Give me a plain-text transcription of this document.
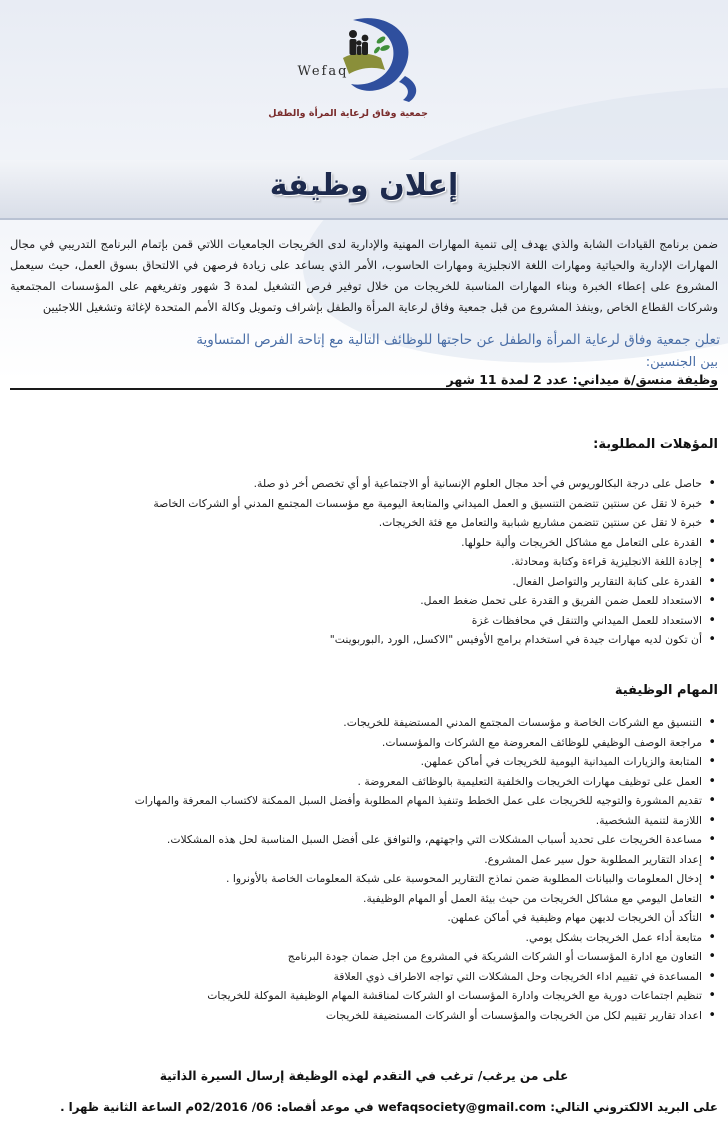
Wefaq
جمعية وفاق لرعاية المرأة والطفل
إعلان وظيفة
ضمن برنامج القيادات الشابة والذي يهدف إلى تنمية المهارات المهنية والإدارية لدى الخريجات الجامعيات اللاتي قمن بإتمام البرنامج التدريبي في مجال المهارات الإدارية والحياتية ومهارات اللغة الانجليزية ومهارات الحاسوب، الأمر الذي يساعد على زيادة فرصهن في الالتحاق بسوق العمل، حيث سيعمل المشروع على إعطاء الخبرة وبناء المهارات المناسبة للخريجات من خلال توفير فرص التشغيل لمدة 3 شهور وتفريغهم على المؤسسات المجتمعية وشركات القطاع الخاص ,وينفذ المشروع من قبل جمعية وفاق لرعاية المرأة والطفل بإشراف وتمويل وكالة الأمم المتحدة لإغاثة وتشغيل اللاجئيين
تعلن جمعية وفاق لرعاية المرأة والطفل عن حاجتها للوظائف التالية مع إتاحة الفرص المتساوية
بين الجنسين:
وظيفة منسق/ة ميداني: عدد 2 لمدة 11 شهر
المؤهلات المطلوبة:
• حاصل على درجة البكالوريوس في أحد مجال العلوم الإنسانية أو الاجتماعية أو أي تخصص أخر ذو صلة.
• خبرة لا تقل عن سنتين تتضمن التنسيق و العمل الميداني والمتابعة اليومية مع مؤسسات المجتمع المدني أو الشركات الخاصة
• خبرة لا تقل عن سنتين تتضمن مشاريع شبابية والتعامل مع فئة الخريجات.
• القدرة على التعامل مع مشاكل الخريجات وألية حلولها.
• إجادة اللغة الانجليزية قراءة وكتابة ومحادثة.
• القدرة على كتابة التقارير والتواصل الفعال.
• الاستعداد للعمل ضمن الفريق و القدرة على تحمل ضغط العمل.
• الاستعداد للعمل الميداني والتنقل في محافظات غزة
• أن تكون لديه مهارات جيدة في استخدام برامج الأوفيس "الاكسل, الورد ,البوربوينت"
المهام الوظيفية
• التنسيق مع الشركات الخاصة و مؤسسات المجتمع المدني المستضيفة للخريجات.
• مراجعة الوصف الوظيفي للوظائف المعروضة مع الشركات والمؤسسات.
• المتابعة والزيارات الميدانية اليومية للخريجات في أماكن عملهن.
• العمل على توظيف مهارات الخريجات والخلفية التعليمية بالوظائف المعروضة .
• تقديم المشورة والتوجيه للخريجات على عمل الخطط وتنفيذ المهام المطلوبة وأفضل السبل الممكنة لاكتساب المعرفة والمهارات
• اللازمة لتنمية الشخصية.
• مساعدة الخريجات على تحديد أسباب المشكلات التي واجهتهم، والتوافق على أفضل السبل المناسبة لحل هذه المشكلات.
• إعداد التقارير المطلوبة حول سير عمل المشروع.
• إدخال المعلومات والبيانات المطلوبة ضمن نماذج التقارير المحوسبة على شبكة المعلومات الخاصة بالأونروا .
• التعامل اليومي مع مشاكل الخريجات من حيث بيئة العمل أو المهام الوظيفية.
• التأكد أن الخريجات لديهن مهام وظيفية في أماكن عملهن.
• متابعة أداء عمل الخريجات بشكل يومي.
• التعاون مع ادارة المؤسسات أو الشركات الشريكة في المشروع من اجل ضمان جودة البرنامج
• المساعدة في تقييم اداء الخريجات وحل المشكلات التي تواجه الاطراف ذوي العلاقة
• تنظيم اجتماعات دورية مع الخريجات وادارة المؤسسات او الشركات لمناقشة المهام الوظيفية الموكلة للخريجات
• اعداد تقارير تقييم لكل من الخريجات والمؤسسات أو الشركات المستضيفة للخريجات
على من يرغب/ ترغب في التقدم لهذه الوظيفة إرسال السيرة الذاتية
على البريد الالكتروني التالي: wefaqsociety@gmail.com في موعد أقصاه: 06/ 02/2016م الساعة الثانية ظهرا .
